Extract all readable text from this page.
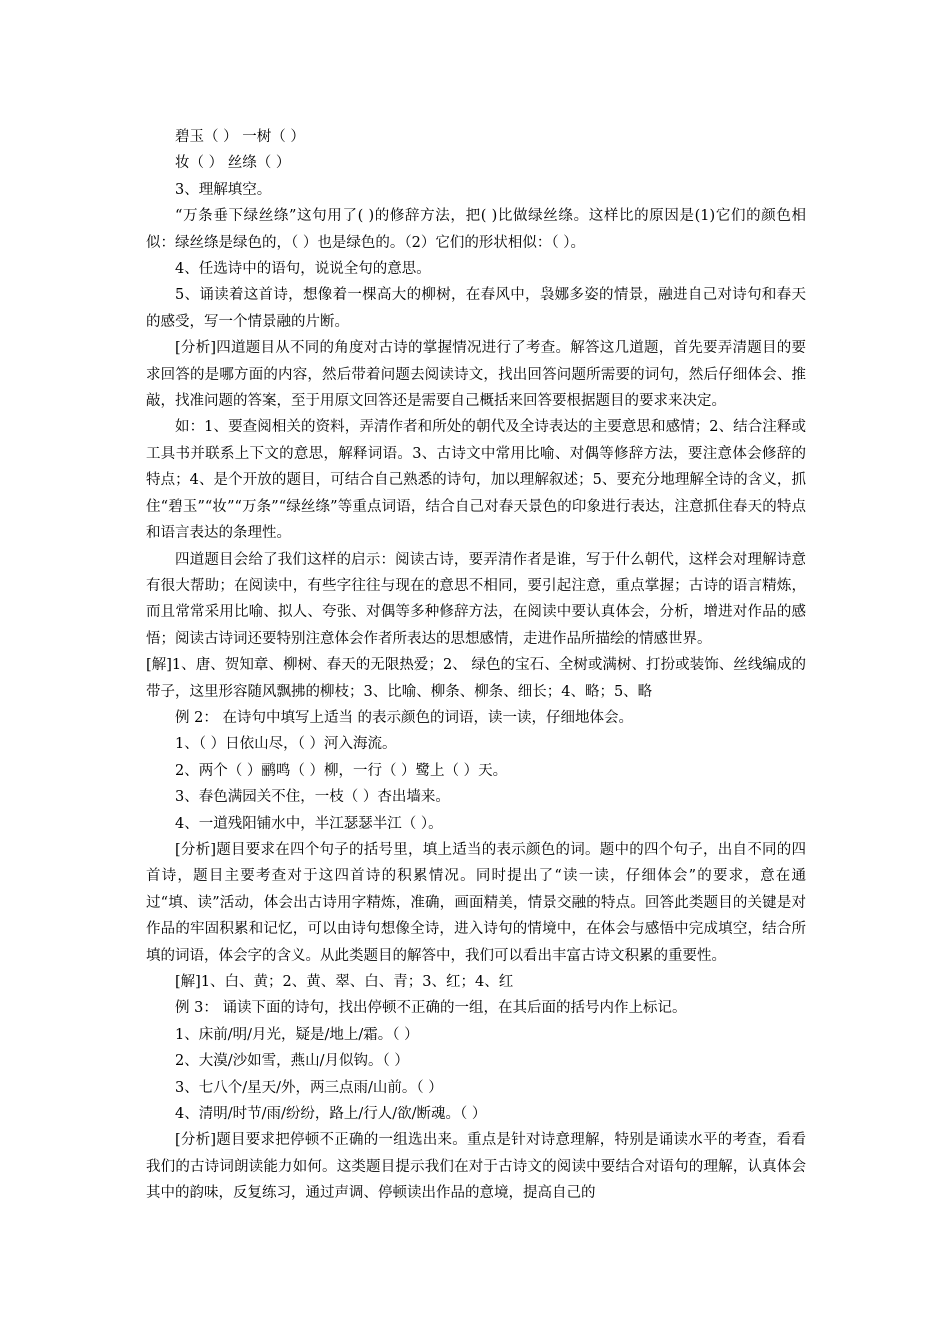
碧玉（ ） 一树（ ）

妆（ ） 丝绦（ ）

3、理解填空。

“万条垂下绿丝绦”这句用了( )的修辞方法，把( )比做绿丝绦。这样比的原因是(1)它们的颜色相似：绿丝绦是绿色的，（ ）也是绿色的。（2）它们的形状相似：（ ）。

4、任选诗中的语句，说说全句的意思。

5、诵读着这首诗，想像着一棵高大的柳树，在春风中，袅娜多姿的情景，融进自己对诗句和春天的感受，写一个情景融的片断。

[分析]四道题目从不同的角度对古诗的掌握情况进行了考查。解答这几道题，首先要弄清题目的要求回答的是哪方面的内容，然后带着问题去阅读诗文，找出回答问题所需要的词句，然后仔细体会、推敲，找准问题的答案，至于用原文回答还是需要自己概括来回答要根据题目的要求来决定。

如：1、要查阅相关的资料，弄清作者和所处的朝代及全诗表达的主要意思和感情；2、结合注释或工具书并联系上下文的意思，解释词语。3、古诗文中常用比喻、对偶等修辞方法，要注意体会修辞的特点；4、是个开放的题目，可结合自己熟悉的诗句，加以理解叙述；5、要充分地理解全诗的含义，抓住“碧玉”“妆”“万条”“绿丝绦”等重点词语，结合自己对春天景色的印象进行表达，注意抓住春天的特点和语言表达的条理性。

四道题目会给了我们这样的启示：阅读古诗，要弄清作者是谁，写于什么朝代，这样会对理解诗意有很大帮助；在阅读中，有些字往往与现在的意思不相同，要引起注意，重点掌握；古诗的语言精炼，而且常常采用比喻、拟人、夸张、对偶等多种修辞方法，在阅读中要认真体会，分析，增进对作品的感悟；阅读古诗词还要特别注意体会作者所表达的思想感情，走进作品所描绘的情感世界。

[解]1、唐、贺知章、柳树、春天的无限热爱；2、 绿色的宝石、全树或满树、打扮或装饰、丝线编成的带子，这里形容随风飘拂的柳枝；3、比喻、柳条、柳条、细长；4、略；5、略

例 2： 在诗句中填写上适当 的表示颜色的词语，读一读，仔细地体会。

1、（ ）日依山尽，（ ）河入海流。

2、两个（ ）鹂鸣（ ）柳，一行（ ）鹭上（ ）天。

3、春色满园关不住，一枝（ ）杏出墙来。

4、一道残阳铺水中，半江瑟瑟半江（ ）。

[分析]题目要求在四个句子的括号里，填上适当的表示颜色的词。题中的四个句子，出自不同的四首诗，题目主要考查对于这四首诗的积累情况。同时提出了“读一读，仔细体会”的要求，意在通过“填、读”活动，体会出古诗用字精炼，准确，画面精美，情景交融的特点。回答此类题目的关键是对作品的牢固积累和记忆，可以由诗句想像全诗，进入诗句的情境中，在体会与感悟中完成填空，结合所填的词语，体会字的含义。从此类题目的解答中，我们可以看出丰富古诗文积累的重要性。

[解]1、白、黄；2、黄、翠、白、青；3、红；4、红

例 3： 诵读下面的诗句，找出停顿不正确的一组，在其后面的括号内作上标记。

1、床前/明/月光，疑是/地上/霜。（ ）

2、大漠/沙如雪，燕山/月似钩。（ ）

3、七八个/星天/外，两三点雨/山前。（ ）

4、清明/时节/雨/纷纷，路上/行人/欲/断魂。（ ）

[分析]题目要求把停顿不正确的一组选出来。重点是针对诗意理解，特别是诵读水平的考查，看看我们的古诗词朗读能力如何。这类题目提示我们在对于古诗文的阅读中要结合对语句的理解，认真体会其中的韵味，反复练习，通过声调、停顿读出作品的意境，提高自己的
